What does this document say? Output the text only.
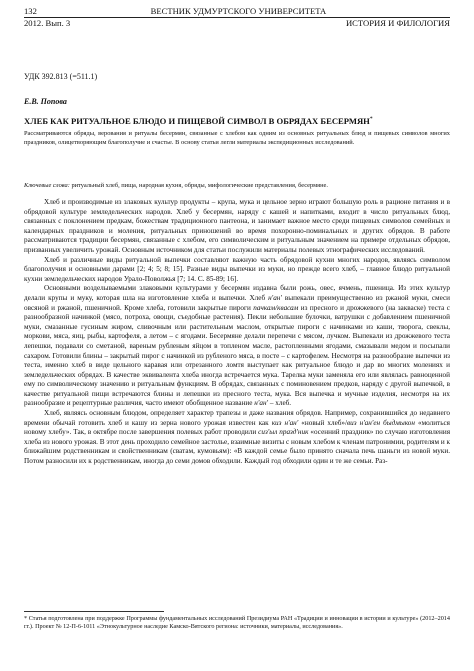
132	ВЕСТНИК УДМУРТСКОГО УНИВЕРСИТЕТА
2012. Вып. 3	ИСТОРИЯ И ФИЛОЛОГИЯ
УДК 392.813 (=511.1)
Е.В. Попова
ХЛЕБ КАК РИТУАЛЬНОЕ БЛЮДО И ПИЩЕВОЙ СИМВОЛ В ОБРЯДАХ БЕСЕРМЯН*
Рассматриваются обряды, верования и ритуалы бесермян, связанные с хлебом как одним из основных ритуальных блюд и пищевых символов многих праздников, олицетворяющим благополучие и счастье. В основу статьи легли материалы экспедиционных исследований.
Ключевые слова: ритуальный хлеб, пища, народная кухня, обряды, мифологические представления, бесермяне.

Хлеб и производимые из злаковых культур продукты – крупа, мука и цельное зерно играют большую роль в рационе питания и в обрядовой культуре земледельческих народов. Хлеб у бесермян, наряду с кашей и напитками, входит в число ритуальных блюд, связанных с поклонением предкам, божествам традиционного пантеона, и занимает важное место среди пищевых символов семейных и календарных праздников и моления, ритуальных приношений во время похоронно-поминальных и других обрядов. В работе рассматриваются традиции бесермян, связанные с хлебом, его символическим и ритуальным значением на примере отдельных обрядов, призванных увеличить урожай. Основным источником для статьи послужили материалы полевых этнографических исследований.

Хлеб и различные виды ритуальной выпечки составляют важную часть обрядовой кухни многих народов, являясь символом благополучия и основными дарами [2; 4; 5; 8; 15]. Разные виды выпечки из муки, но прежде всего хлеб, – главное блюдо ритуальной кухни земледельческих народов Урало-Поволжья [7; 14. С. 85-89; 16].

Основными возделываемыми злаковыми культурами у бесермян издавна были рожь, овес, ячмень, пшеница. Из этих культур делали крупы и муку, которая шла на изготовление хлеба и выпечки. Хлеб н'ан' выпекали преимущественно из ржаной муки, смеси овсяной и ржаной, пшеничной. Кроме хлеба, готовили закрытые пироги пачкам/квасам из пресного и дрожжевого (на закваске) теста с разнообразной начинкой (мясо, потроха, овощи, съедобные растения). Пекли небольшие булочки, ватрушки с добавлением пшеничной муки, смазанные гусиным жиром, сливочным или растительным маслом, открытые пироги с начинками из каши, творога, свеклы, моркови, мяса, яиц, рыбы, картофеля, а летом – с ягодами. Бесермяне делали перепечи с мясом, лучком. Выпекали из дрожжевого теста лепешки, подавали со сметаной, вареным рубленым яйцом в топленом масле, растопленными ягодами, смазывали медом и посыпали сахаром. Готовили блины – закрытый пирог с начинкой из рубленого мяса, в посте – с картофелем. Несмотря на разнообразие выпечки из теста, именно хлеб в виде цельного каравая или отрезанного ломтя выступает как ритуальное блюдо и дар во многих молениях и земледельческих обрядах. В качестве эквивалента хлеба иногда встречается мука. Тарелка муки заменяла его или являлась равноценной ему по символическому значению и ритуальным функциям. В обрядах, связанных с поминовением предков, наряду с другой выпечкой, в качестве ритуальной пищи встречаются блины и лепешки из пресного теста, мука. Вся выпечка и мучные изделия, несмотря на их разнообразие и рецептурные различия, часто имеют обобщенное название н'ан' – хлеб.

Хлеб, являясь основным блюдом, определяет характер трапезы и даже названия обрядов. Например, сохранившийся до недавнего времени обычай готовить хлеб и кашу из зерна нового урожая известен как киз н'ан' «новый хлеб»/виз н'ан'ен быдмыкон «молиться новому хлебу». Так, в октябре после завершения полевых работ проводили сиз'ыл празд'ник «осенний праздник» по случаю изготовления хлеба из нового урожая. В этот день проходило семейное застолье, взаимные визиты с новым хлебом к членам патронимии, родителям и к ближайшим родственникам и свойственникам (сватам, кумовьям): «В каждой семье было принято сначала печь шаньги из новой муки. Потом разносили их к родственникам, иногда до семи домов обходили. Каждый год обходили один и те же семьи. Раз-

* Статья подготовлена при поддержке Программы фундаментальных исследований Президиума РАН «Традиции и инновации в истории и культуре» (2012–2014 гг.). Проект № 12-П-6-1011 «Этнокультурное наследие Камско-Вятского региона: источники, материалы, исследования».
